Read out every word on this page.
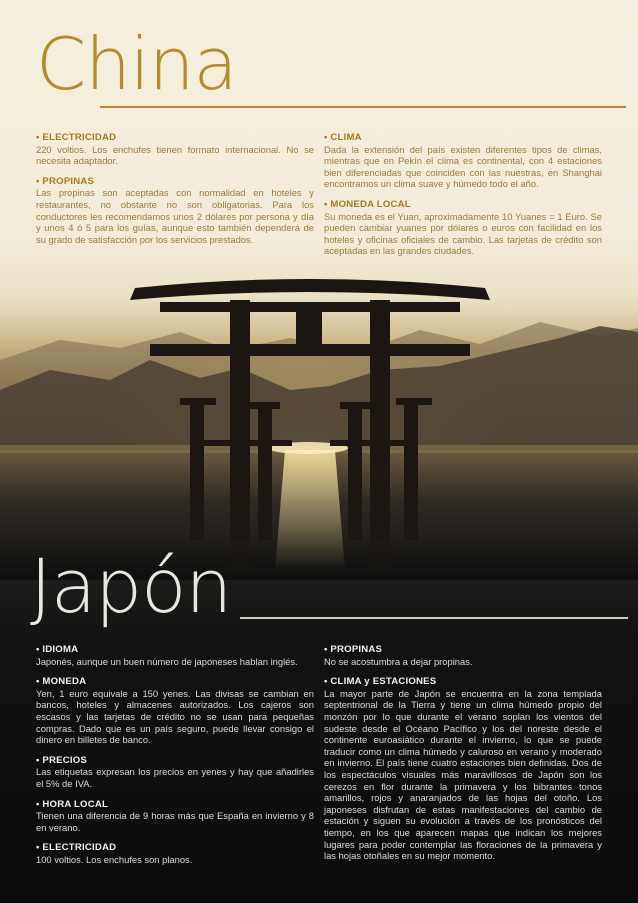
China
• ELECTRICIDAD

220 voltios. Los enchufes tienen formato internacional. No se necesita adaptador.

• PROPINAS

Las propinas son aceptadas con normalidad en hoteles y restaurantes, no obstante no son obligatorias. Para los conductores les recomendamos unos 2 dólares por persona y día y unos 4 ó 5 para los guías, aunque esto también dependerá de su grado de satisfacción por los servicios prestados.

• CLIMA

Dada la extensión del país existen diferentes tipos de climas, mientras que en Pekín el clima es continental, con 4 estaciones bien diferenciadas que coinciden con las nuestras, en Shanghai encontramos un clima suave y húmedo todo el año.

• MONEDA LOCAL

Su moneda es el Yuan, aproximadamente 10 Yuanes = 1 Euro. Se pueden cambiar yuanes por dólares o euros con facilidad en los hoteles y oficinas oficiales de cambio. Las tarjetas de crédito son aceptadas en las grandes ciudades.

Japón
• IDIOMA

Japonés, aunque un buen número de japoneses hablan inglés.

• MONEDA

Yen, 1 euro equivale a 150 yenes. Las divisas se cambian en bancos, hoteles y almacenes autorizados. Los cajeros son escasos y las tarjetas de crédito no se usan para pequeñas compras. Dado que es un país seguro, puede llevar consigo el dinero en billetes de banco.

• PRECIOS

Las etiquetas expresan los precios en yenes y hay que añadirles el 5% de IVA.

• HORA LOCAL

Tienen una diferencia de 9 horas más que España en invierno y 8 en verano.

• ELECTRICIDAD

100 voltios. Los enchufes son planos.

• PROPINAS

No se acostumbra a dejar propinas.

• CLIMA y ESTACIONES

La mayor parte de Japón se encuentra en la zona templada septentrional de la Tierra y tiene un clima húmedo propio del monzón por lo que durante el verano soplan los vientos del sudeste desde el Océano Pacífico y los del noreste desde el continente euroasiático durante el invierno, lo que se puede traducir como un clima húmedo y caluroso en verano y moderado en invierno. El país tiene cuatro estaciones bien definidas. Dos de los espectáculos visuales más maravillosos de Japón son los cerezos en flor durante la primavera y los bibrantes tonos amarillos, rojos y anaranjados de las hojas del otoño. Los japoneses disfrutan de estas manifestaciones del cambio de estación y siguen su evolución a través de los pronósticos del tiempo, en los que aparecen mapas que indican los mejores lugares para poder contemplar las floraciones de la primavera y las hojas otoñales en su mejor momento.
